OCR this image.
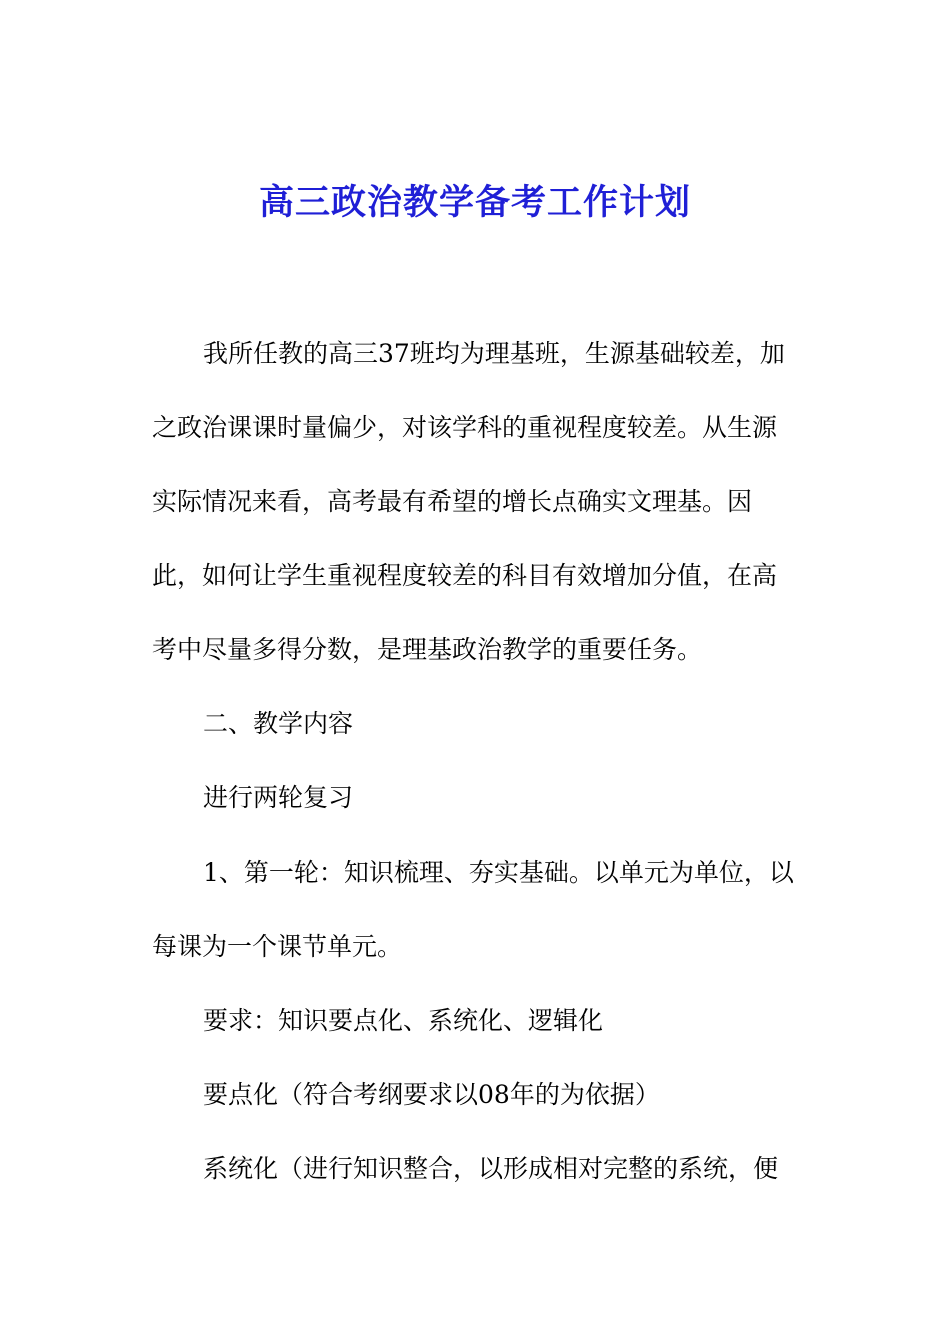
高三政治教学备考工作计划
我所任教的高三37班均为理基班，生源基础较差，加
之政治课课时量偏少，对该学科的重视程度较差。从生源
实际情况来看，高考最有希望的增长点确实文理基。因
此，如何让学生重视程度较差的科目有效增加分值，在高
考中尽量多得分数，是理基政治教学的重要任务。
二、教学内容
进行两轮复习
1、第一轮：知识梳理、夯实基础。以单元为单位，以
每课为一个课节单元。
要求：知识要点化、系统化、逻辑化
要点化（符合考纲要求以08年的为依据）
系统化（进行知识整合，以形成相对完整的系统，便
